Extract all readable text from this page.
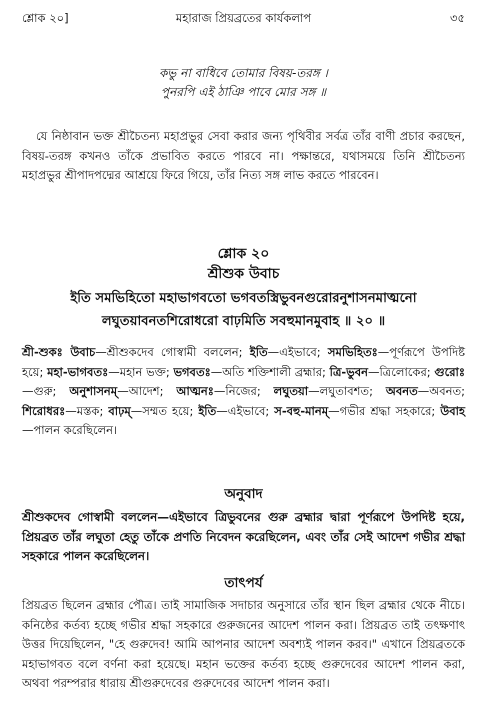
শ্লোক ২০]	মহারাজ প্রিয়ব্রতের কার্যকলাপ	৩৫
কভু না বাধিবে তোমার বিষয়-তরঙ্গ ।
পুনরপি এই ঠাঞি পাবে মোর সঙ্গ ॥
যে নিষ্ঠাবান ভক্ত শ্রীচৈতন্য মহাপ্রভুর সেবা করার জন্য পৃথিবীর সর্বত্র তাঁর বাণী প্রচার করছেন, বিষয়-তরঙ্গ কখনও তাঁকে প্রভাবিত করতে পারবে না। পক্ষান্তরে, যথাসময়ে তিনি শ্রীচৈতন্য মহাপ্রভুর শ্রীপাদপদ্মের আশ্রয়ে ফিরে গিয়ে, তাঁর নিত্য সঙ্গ লাভ করতে পারবেন।
শ্লোক ২০
শ্রীশুক উবাচ
ইতি সমভিহিতো মহাভাগবতো ভগবতস্ত্রিভুবনগুরোরনুশাসনমাত্মনো
লঘুতয়াবনতশিরোধরো বাঢ়মিতি সবহুমানমুবাহ ॥ ২০ ॥
শ্রী-শুকঃ উবাচ—শ্রীশুকদেব গোস্বামী বললেন; ইতি—এইভাবে; সমভিহিতঃ—পূর্ণরূপে উপদিষ্ট হয়ে; মহা-ভাগবতঃ—মহান ভক্ত; ভগবতঃ—অতি শক্তিশালী ব্রহ্মার; ত্রি-ভুবন—ত্রিলোকের; গুরোঃ—গুরু; অনুশাসনম্—আদেশ; আত্মনঃ—নিজের; লঘুতয়া—লঘুতাবশত; অবনত—অবনত; শিরোধরঃ—মস্তক; বাঢ়ম্—সম্মত হয়ে; ইতি—এইভাবে; স-বহু-মানম্—গভীর শ্রদ্ধা সহকারে; উবাহ—পালন করেছিলেন।
অনুবাদ
শ্রীশুকদেব গোস্বামী বললেন—এইভাবে ত্রিভুবনের গুরু ব্রহ্মার দ্বারা পূর্ণরূপে উপদিষ্ট হয়ে, প্রিয়ব্রত তাঁর লঘুতা হেতু তাঁকে প্রণতি নিবেদন করেছিলেন, এবং তাঁর সেই আদেশ গভীর শ্রদ্ধা সহকারে পালন করেছিলেন।
তাৎপর্য
প্রিয়ব্রত ছিলেন ব্রহ্মার পৌত্র। তাই সামাজিক সদাচার অনুসারে তাঁর স্থান ছিল ব্রহ্মার থেকে নীচে। কনিষ্ঠের কর্তব্য হচ্ছে গভীর শ্রদ্ধা সহকারে গুরুজনের আদেশ পালন করা। প্রিয়ব্রত তাই তৎক্ষণাৎ উত্তর দিয়েছিলেন, "হে গুরুদেব! আমি আপনার আদেশ অবশ্যই পালন করব।" এখানে প্রিয়ব্রতকে মহাভাগবত বলে বর্ণনা করা হয়েছে। মহান ভক্তের কর্তব্য হচ্ছে গুরুদেবের আদেশ পালন করা, অথবা পরম্পরার ধারায় শ্রীগুরুদেবের গুরুদেবের আদেশ পালন করা।
